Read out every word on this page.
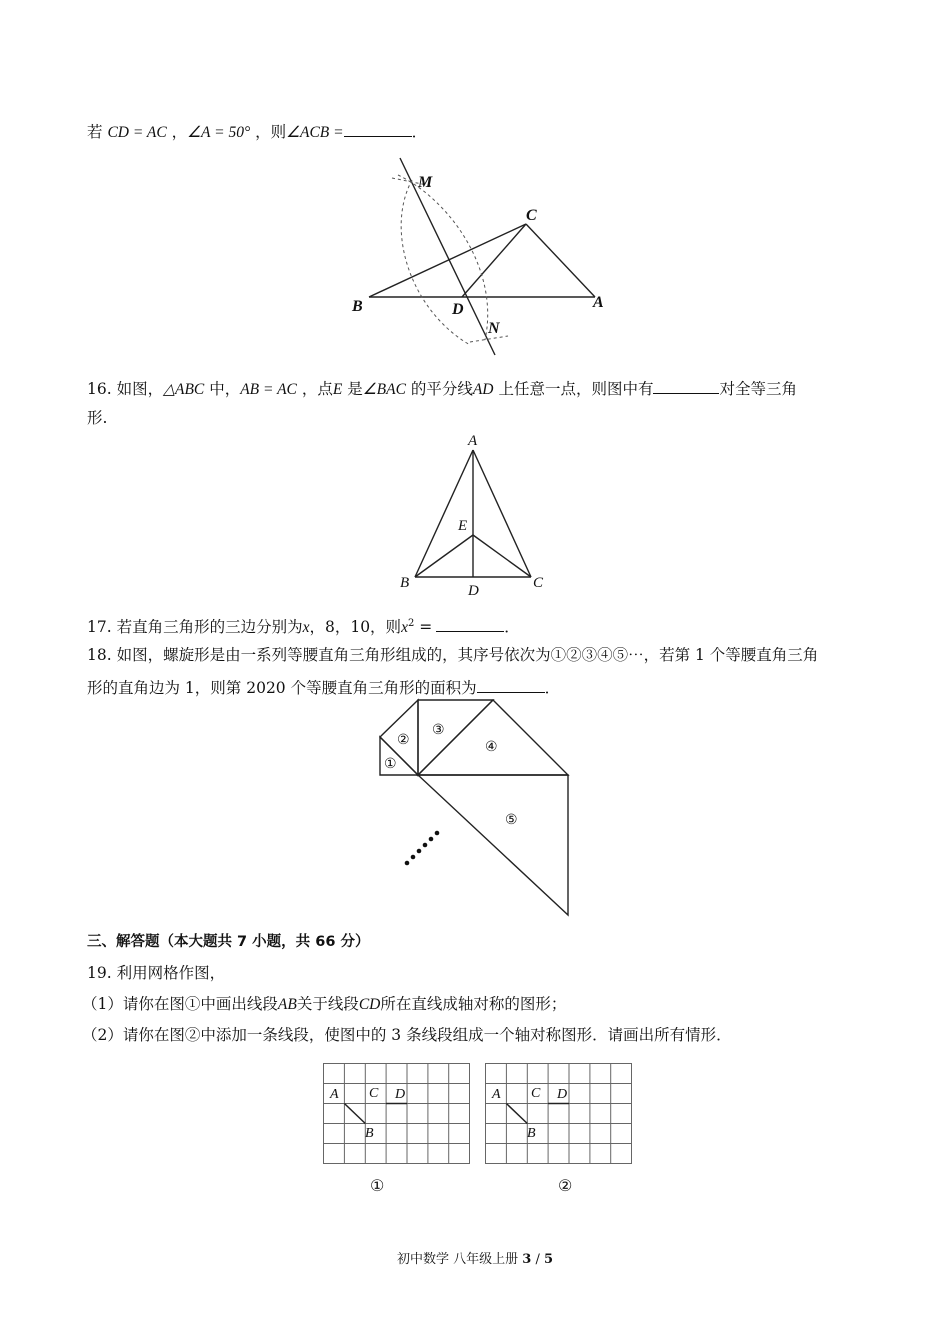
若 CD = AC ，∠A = 50° ，则∠ACB =	．
M
C
B	D	A
N
16. 如图，△ABC 中，AB = AC ，点E 是∠BAC 的平分线AD 上任意一点，则图中有	对全等三角
形.
A
E
B	D	C
17. 若直角三角形的三边分别为x，8，10，则$x^2$ =	．
18. 如图，螺旋形是由一系列等腰直角三角形组成的，其序号依次为①②③④⑤⋯，若第 1 个等腰直角三角
形的直角边为 1，则第 2020 个等腰直角三角形的面积为	．
①
②
③
④
⑤
三、解答题（本大题共 7 小题，共 66 分）
19. 利用网格作图，
（1）请你在图①中画出线段AB关于线段CD所在直线成轴对称的图形；
（2）请你在图②中添加一条线段，使图中的 3 条线段组成一个轴对称图形．请画出所有情形．
A C D
B
①
A C D
B
②
初中数学 八年级上册 3 / 5
